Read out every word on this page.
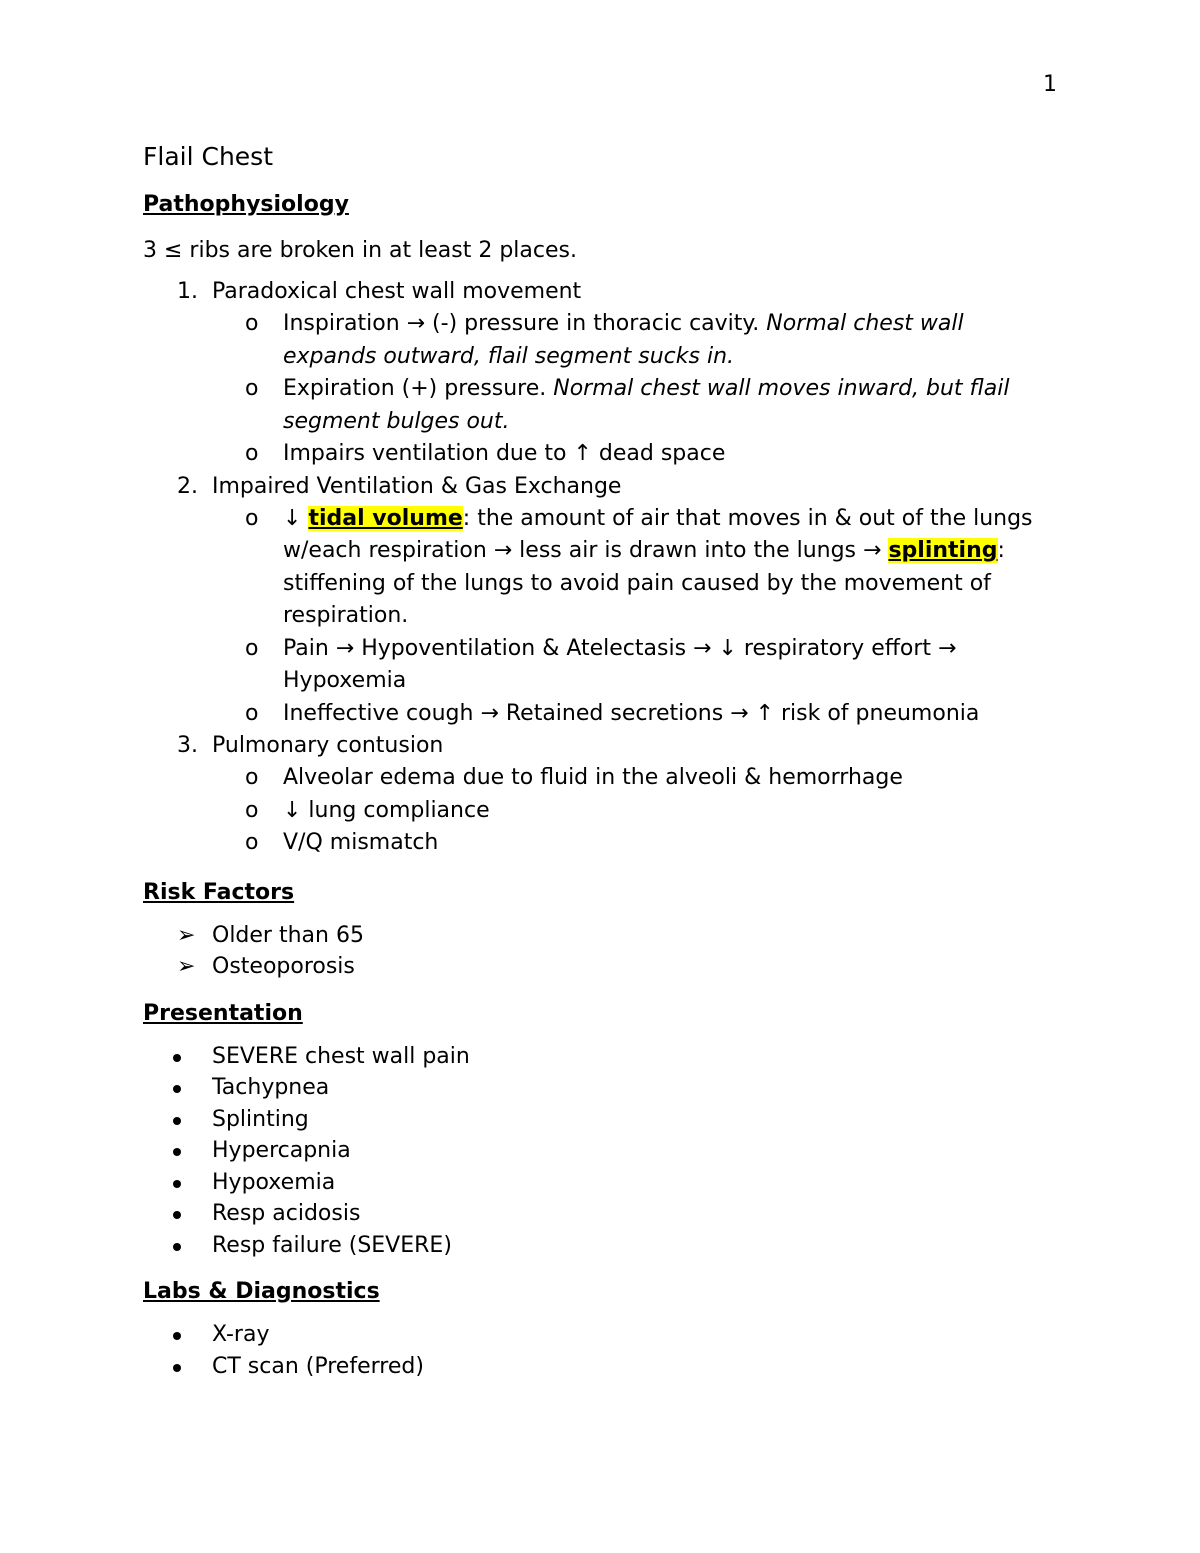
1
Flail Chest
Pathophysiology
3 ≤ ribs are broken in at least 2 places.
1. Paradoxical chest wall movement
o Inspiration → (-) pressure in thoracic cavity. Normal chest wall expands outward, flail segment sucks in.
o Expiration (+) pressure. Normal chest wall moves inward, but flail segment bulges out.
o Impairs ventilation due to ↑ dead space
2. Impaired Ventilation & Gas Exchange
o ↓ tidal volume: the amount of air that moves in & out of the lungs w/each respiration → less air is drawn into the lungs → splinting: stiffening of the lungs to avoid pain caused by the movement of respiration.
o Pain → Hypoventilation & Atelectasis → ↓ respiratory effort → Hypoxemia
o Ineffective cough → Retained secretions → ↑ risk of pneumonia
3. Pulmonary contusion
o Alveolar edema due to fluid in the alveoli & hemorrhage
o ↓ lung compliance
o V/Q mismatch
Risk Factors
➢ Older than 65
➢ Osteoporosis
Presentation
SEVERE chest wall pain
Tachypnea
Splinting
Hypercapnia
Hypoxemia
Resp acidosis
Resp failure (SEVERE)
Labs & Diagnostics
X-ray
CT scan (Preferred)
